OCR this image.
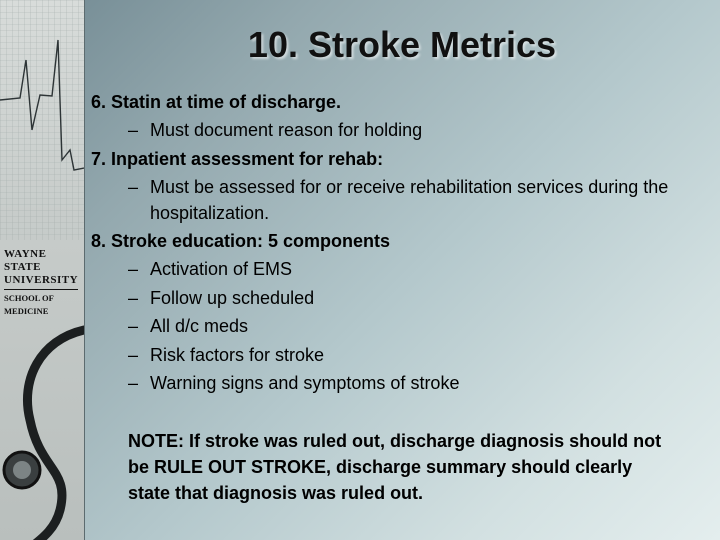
WAYNE STATE
UNIVERSITY
SCHOOL OF MEDICINE
10. Stroke Metrics
6. Statin at time of discharge.
– Must document reason for holding
7. Inpatient assessment for rehab:
– Must be assessed for or receive rehabilitation services during the
hospitalization.
8. Stroke education: 5 components
– Activation of EMS
– Follow up scheduled
– All d/c meds
– Risk factors for stroke
– Warning signs and symptoms of stroke
NOTE: If stroke was ruled out, discharge diagnosis should not
be RULE OUT STROKE, discharge summary should clearly
state that diagnosis was ruled out.
